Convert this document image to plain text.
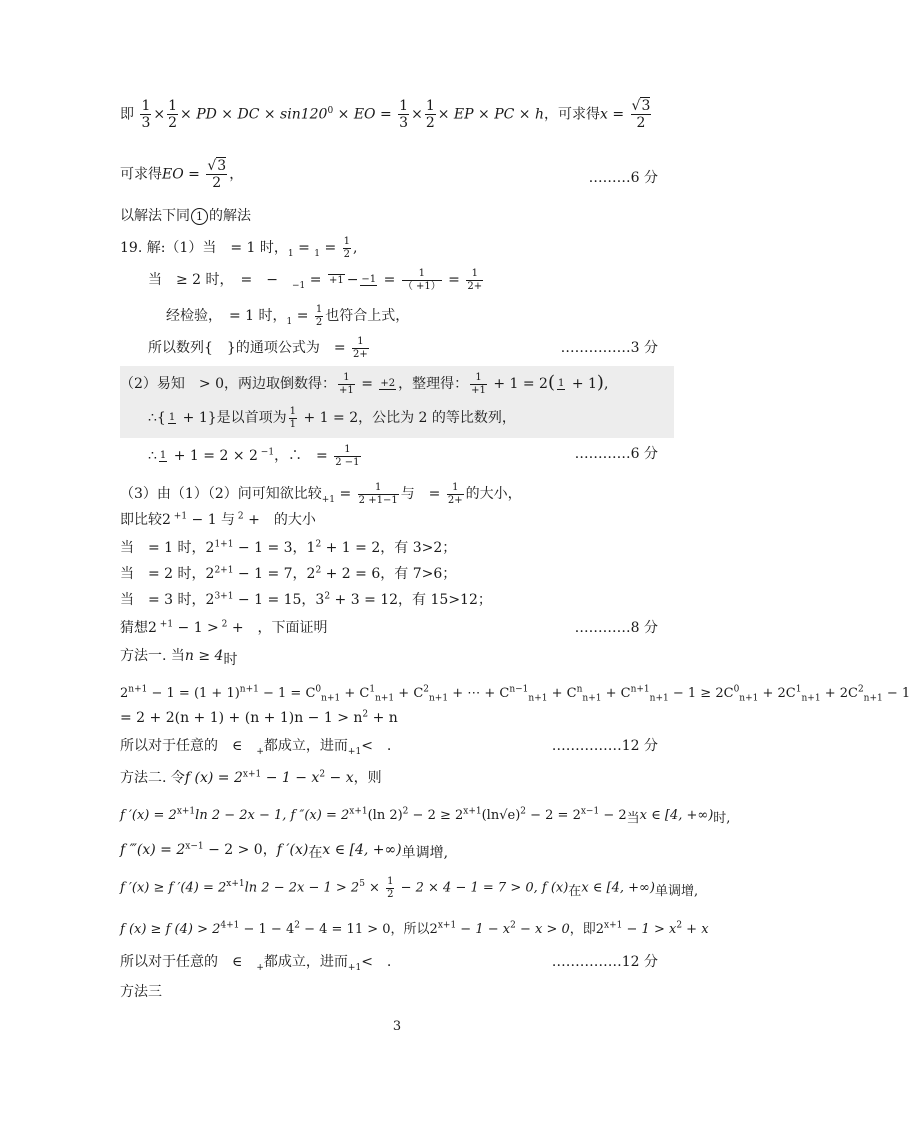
即 $\frac{1}{3} \times \frac{1}{2}$ × PD × DC × $\sin 120^0$ × EO = $\frac{1}{3} \times \frac{1}{2}$ × EP × PC × h，可求得$x = \frac{√3}{2}$
可求得EO = $\frac{√3}{2}$ ，	………6 分
以解法下同 1 的解法
19. 解:（1）当　= 1 时，$_1 = _1 = \frac{1}{2}$ ,
当　≥ 2 时，　=　−　$_{-1} = +1 - -1 = \frac{1}{( +1)} = \frac{1}{2+}$
经检验，　= 1 时，$_1 = \frac{1}{2}$ 也符合上式，
所以数列{　}的通项公式为　= $\frac{1}{2+}$	……………3 分
（2）易知　> 0，两边取倒数得： $\frac{1}{+1} = +2$ ，整理得： $\frac{1}{+1} + 1 = 2$( 1 + 1),
∴{ 1 + 1}是以首项为 $\frac{1}{1} + 1 = 2$，公比为 2 的等比数列，
∴ 1 + 1 = 2 × 2 $^{-1}$，∴　= $\frac{1}{2 -1}$	…………6 分
（3）由（1）（2）问可知欲比较$_{+1} = \frac{1}{2 +1-1}$ 与　= $\frac{1}{2+}$ 的大小，
即比较2 $^{+1}$ − 1 与 $^2$ +　的大小
当　= 1 时，$2^{1+1} - 1 = 3$，$1^2 + 1 = 2$，有 3>2；
当　= 2 时，$2^{2+1} - 1 = 7$，$2^2 + 2 = 6$，有 7>6；
当　= 3 时，$2^{3+1} - 1 = 15$，$3^2 + 3 = 12$，有 15>12；
猜想2 $^{+1}$ − 1 > $^2$ +　，下面证明	…………8 分
方法一. 当n ≥ 4时
$2^{n+1} - 1 = (1 + 1)^{n+1} - 1 = C^0_{n+1} + C^1_{n+1} + C^2_{n+1}$ + ⋯ + $C^{n-1}_{n+1} + C^n_{n+1} + C^{n+1}_{n+1} - 1 \ge 2C^0_{n+1} + 2C^1_{n+1} + 2C^2_{n+1} - 1$
= $2 + 2(n + 1) + (n + 1)n - 1 > n^2 + n$
所以对于任意的　∈　$_+$都成立，进而$_{+1}$<　.	……………12 分
方法二. 令f $(x) = 2^{x+1} - 1 - x^2 - x$，则
f $'(x) = 2^{x+1}\ln$ 2 − 2x − 1, f $''(x) = 2^{x+1}(\ln$ $2)^2 - 2 \ge 2^{x+1}(\ln√e)^2 - 2 = 2^{x-1} - 2$当x ∈ [4, +∞)时,
f ‴(x) = $2^{x-1} - 2 > 0$，f ′(x)在x ∈ [4, +∞)单调增,
f ′(x) ≥ f $'(4) = 2^{x+1}\ln$ $2 - 2x - 1 > 2^5 \times \frac{1}{2} - 2 \times 4 - 1 = 7 > 0$, f (x)在x ∈ [4, +∞)单调增,
f (x) ≥ f $(4) > 2^{4+1} - 1 - 4^2 - 4 = 11 > 0$，所以$2^{x+1} - 1 - x^2 - x > 0$，即$2^{x+1} - 1 > x^2 + x$
所以对于任意的　∈　$_+$都成立，进而$_{+1}$<　.	……………12 分
方法三
3
